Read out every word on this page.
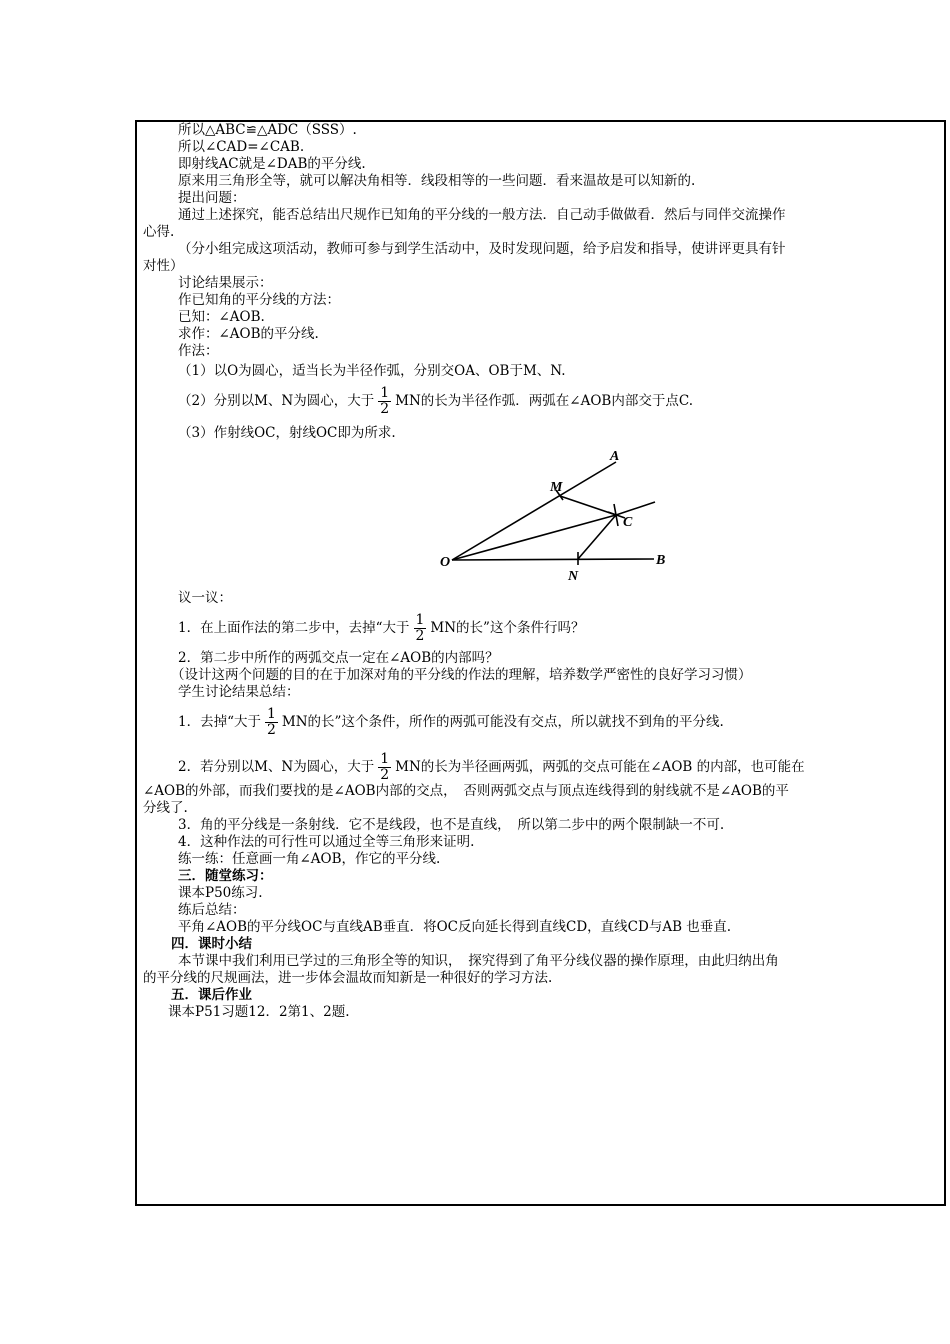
所以△ABC≌△ADC（SSS）.
所以∠CAD=∠CAB.
即射线AC就是∠DAB的平分线.
原来用三角形全等，就可以解决角相等．线段相等的一些问题．看来温故是可以知新的.
提出问题：
通过上述探究，能否总结出尺规作已知角的平分线的一般方法．自己动手做做看．然后与同伴交流操作
心得.
（分小组完成这项活动，教师可参与到学生活动中，及时发现问题，给予启发和指导，使讲评更具有针
对性）
讨论结果展示：
作已知角的平分线的方法：
已知：∠AOB.
求作：∠AOB的平分线.
作法：
（1）以O为圆心，适当长为半径作弧，分别交OA、OB于M、N.
（2）分别以M、N为圆心，大于 $\frac{1}{2}$ MN的长为半径作弧．两弧在∠AOB内部交于点C.
（3）作射线OC，射线OC即为所求.
A
M
C
O
N
B
议一议：
1．在上面作法的第二步中，去掉“大于 $\frac{1}{2}$ MN的长”这个条件行吗？
2．第二步中所作的两弧交点一定在∠AOB的内部吗？
（设计这两个问题的目的在于加深对角的平分线的作法的理解，培养数学严密性的良好学习习惯）
学生讨论结果总结：
1．去掉“大于 $\frac{1}{2}$ MN的长”这个条件，所作的两弧可能没有交点，所以就找不到角的平分线.
2．若分别以M、N为圆心，大于 $\frac{1}{2}$ MN的长为半径画两弧，两弧的交点可能在∠AOB 的内部，也可能在
∠AOB的外部，而我们要找的是∠AOB内部的交点，　否则两弧交点与顶点连线得到的射线就不是∠AOB的平
分线了.
3．角的平分线是一条射线．它不是线段，也不是直线，　所以第二步中的两个限制缺一不可.
4．这种作法的可行性可以通过全等三角形来证明.
练一练：任意画一角∠AOB，作它的平分线.
三．随堂练习：
课本P50练习.
练后总结：
平角∠AOB的平分线OC与直线AB垂直．将OC反向延长得到直线CD，直线CD与AB 也垂直.
四．课时小结
本节课中我们利用已学过的三角形全等的知识，　探究得到了角平分线仪器的操作原理，由此归纳出角
的平分线的尺规画法，进一步体会温故而知新是一种很好的学习方法.
五．课后作业
课本P51习题12．2第1、2题.
